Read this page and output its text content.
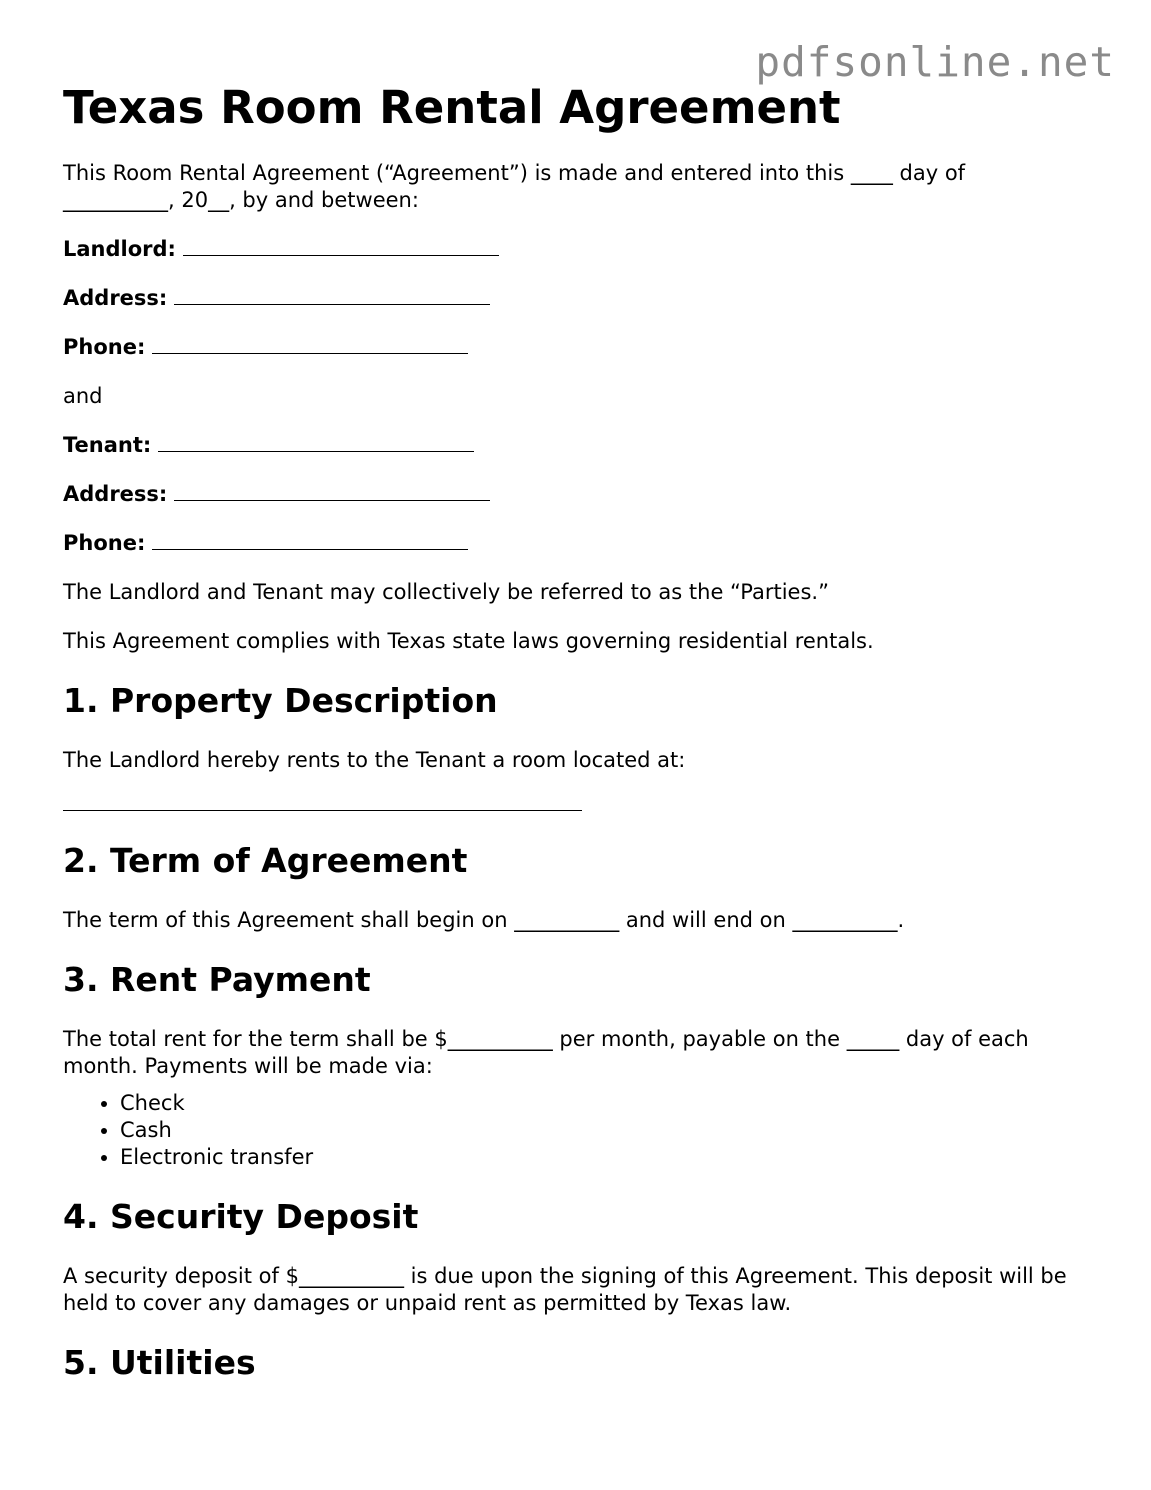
pdfsonline.net
Texas Room Rental Agreement

This Room Rental Agreement (“Agreement”) is made and entered into this ____ day of __________, 20__, by and between:

Landlord:

Address:

Phone:

and

Tenant:

Address:

Phone:

The Landlord and Tenant may collectively be referred to as the “Parties.”

This Agreement complies with Texas state laws governing residential rentals.

1. Property Description

The Landlord hereby rents to the Tenant a room located at:

2. Term of Agreement

The term of this Agreement shall begin on __________ and will end on __________.

3. Rent Payment

The total rent for the term shall be $__________ per month, payable on the _____ day of each month. Payments will be made via:

• Check
• Cash
• Electronic transfer
4. Security Deposit

A security deposit of $__________ is due upon the signing of this Agreement. This deposit will be held to cover any damages or unpaid rent as permitted by Texas law.

5. Utilities
